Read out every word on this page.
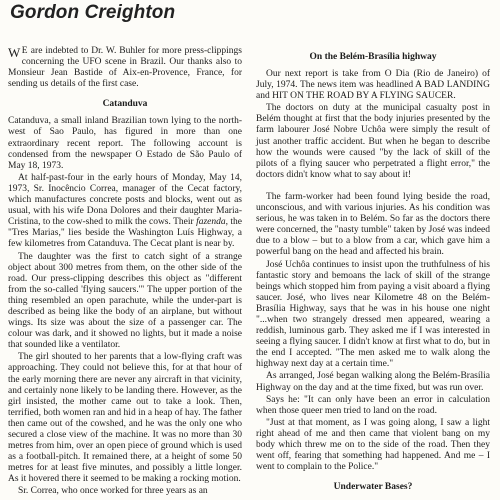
Gordon Creighton

W E are indebted to Dr. W. Buhler for more press-clippings concerning the UFO scene in Brazil. Our thanks also to Monsieur Jean Bastide of Aix-en-Provence, France, for sending us details of the first case.

Catanduva

Catanduva, a small inland Brazilian town lying to the north-west of Sao Paulo, has figured in more than one extraordinary recent report. The following account is condensed from the newspaper O Estado de São Paulo of May 18, 1973.

At half-past-four in the early hours of Monday, May 14, 1973, Sr. Inocêncio Correa, manager of the Cecat factory, which manufactures concrete posts and blocks, went out as usual, with his wife Dona Dolores and their daughter Maria-Cristina, to the cow-shed to milk the cows. Their fazenda, the "Tres Marias," lies beside the Washington Luís Highway, a few kilometres from Catanduva. The Cecat plant is near by.

The daughter was the first to catch sight of a strange object about 300 metres from them, on the other side of the road. Our press-clipping describes this object as "different from the so-called 'flying saucers.'" The upper portion of the thing resembled an open parachute, while the under-part is described as being like the body of an airplane, but without wings. Its size was about the size of a passenger car. The colour was dark, and it showed no lights, but it made a noise that sounded like a ventilator.

The girl shouted to her parents that a low-flying craft was approaching. They could not believe this, for at that hour of the early morning there are never any aircraft in that vicinity, and certainly none likely to be landing there. However, as the girl insisted, the mother came out to take a look. Then, terrified, both women ran and hid in a heap of hay. The father then came out of the cowshed, and he was the only one who secured a close view of the machine. It was no more than 30 metres from him, over an open piece of ground which is used as a football-pitch. It remained there, at a height of some 50 metres for at least five minutes, and possibly a little longer. As it hovered there it seemed to be making a rocking motion.

Sr. Correa, who once worked for three years as an

On the Belém-Brasília highway

Our next report is take from O Dia (Rio de Janeiro) of July, 1974. The news item was headlined A BAD LANDING and HIT ON THE ROAD BY A FLYING SAUCER.

The doctors on duty at the municipal casualty post in Belém thought at first that the body injuries presented by the farm labourer José Nobre Uchôa were simply the result of just another traffic accident. But when he began to describe how the wounds were caused "by the lack of skill of the pilots of a flying saucer who perpetrated a flight error," the doctors didn't know what to say about it!

The farm-worker had been found lying beside the road, unconscious, and with various injuries. As his condition was serious, he was taken in to Belém. So far as the doctors there were concerned, the "nasty tumble" taken by José was indeed due to a blow – but to a blow from a car, which gave him a powerful bang on the head and affected his brain.

José Uchôa continues to insist upon the truthfulness of his fantastic story and bemoans the lack of skill of the strange beings which stopped him from paying a visit aboard a flying saucer. José, who lives near Kilometre 48 on the Belém-Brasília Highway, says that he was in his house one night "...when two strangely dressed men appeared, wearing a reddish, luminous garb. They asked me if I was interested in seeing a flying saucer. I didn't know at first what to do, but in the end I accepted. "The men asked me to walk along the highway next day at a certain time."

As arranged, José began walking along the Belém-Brasília Highway on the day and at the time fixed, but was run over.

Says he: "It can only have been an error in calculation when those queer men tried to land on the road.

"Just at that moment, as I was going along, I saw a light right ahead of me and then came that violent bang on my body which threw me on to the side of the road. Then they went off, fearing that something had happened. And me – I went to complain to the Police."

Underwater Bases?
